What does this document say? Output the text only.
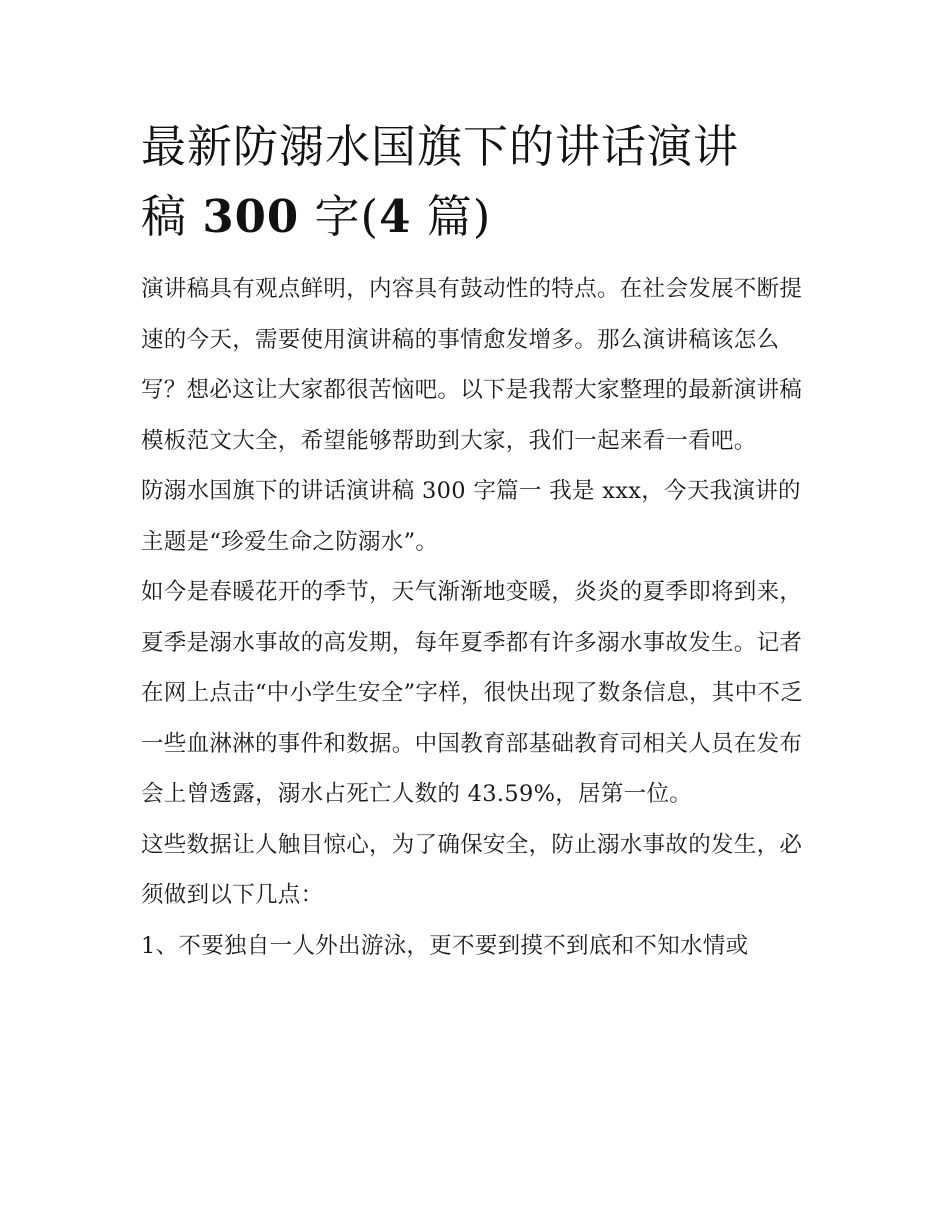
最新防溺水国旗下的讲话演讲
稿 300 字(4 篇)

演讲稿具有观点鲜明，内容具有鼓动性的特点。在社会发展不断提速的今天，需要使用演讲稿的事情愈发增多。那么演讲稿该怎么写？想必这让大家都很苦恼吧。以下是我帮大家整理的最新演讲稿模板范文大全，希望能够帮助到大家，我们一起来看一看吧。

防溺水国旗下的讲话演讲稿 300 字篇一 我是 xxx，今天我演讲的主题是“珍爱生命之防溺水”。

如今是春暖花开的季节，天气渐渐地变暖，炎炎的夏季即将到来，夏季是溺水事故的高发期，每年夏季都有许多溺水事故发生。记者在网上点击“中小学生安全”字样，很快出现了数条信息，其中不乏一些血淋淋的事件和数据。中国教育部基础教育司相关人员在发布会上曾透露，溺水占死亡人数的 43.59%，居第一位。

这些数据让人触目惊心，为了确保安全，防止溺水事故的发生，必须做到以下几点：

1、不要独自一人外出游泳，更不要到摸不到底和不知水情或
